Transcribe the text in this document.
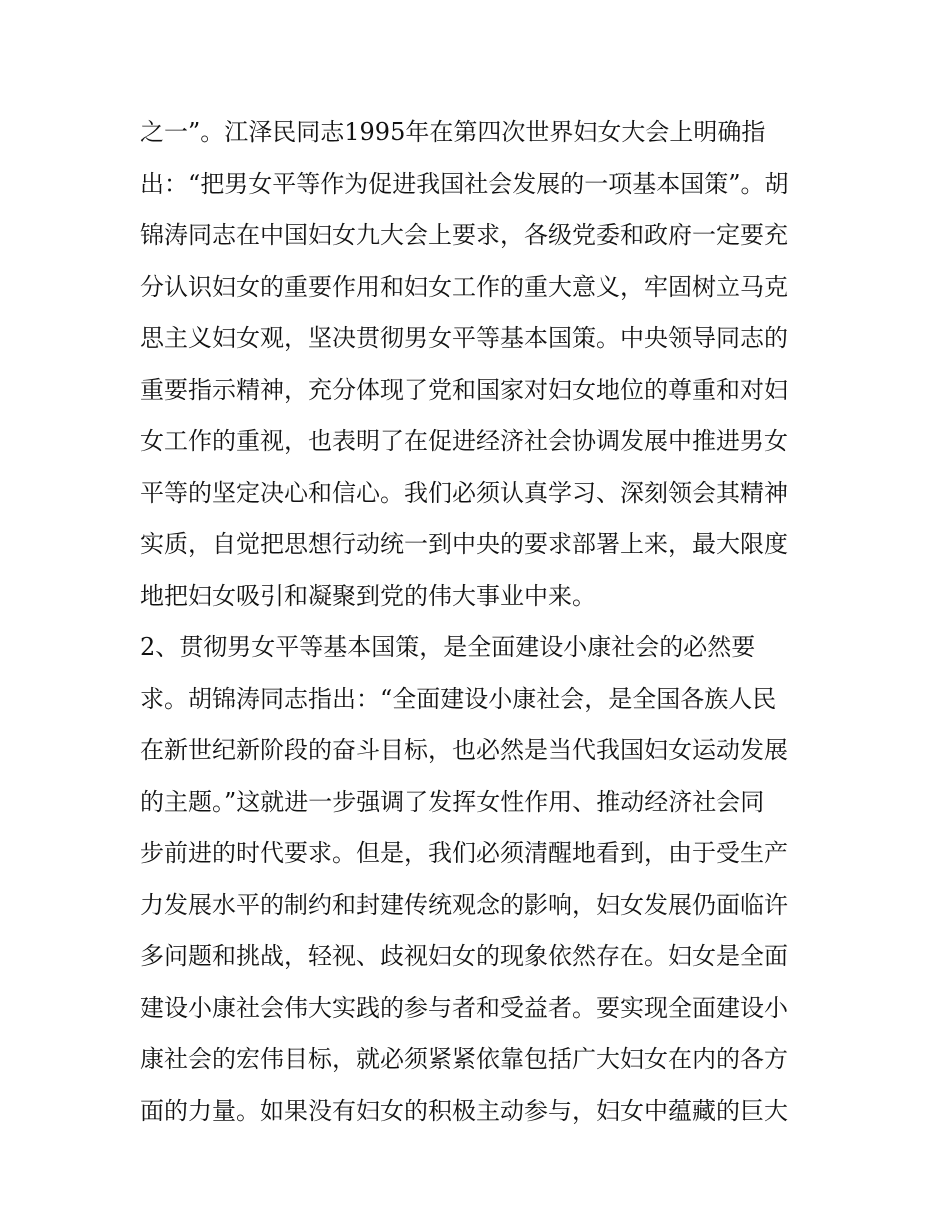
之一”。江泽民同志1995年在第四次世界妇女大会上明确指
出：“把男女平等作为促进我国社会发展的一项基本国策”。胡
锦涛同志在中国妇女九大会上要求，各级党委和政府一定要充
分认识妇女的重要作用和妇女工作的重大意义，牢固树立马克
思主义妇女观，坚决贯彻男女平等基本国策。中央领导同志的
重要指示精神，充分体现了党和国家对妇女地位的尊重和对妇
女工作的重视，也表明了在促进经济社会协调发展中推进男女
平等的坚定决心和信心。我们必须认真学习、深刻领会其精神
实质，自觉把思想行动统一到中央的要求部署上来，最大限度
地把妇女吸引和凝聚到党的伟大事业中来。
2、贯彻男女平等基本国策，是全面建设小康社会的必然要
求。胡锦涛同志指出：“全面建设小康社会，是全国各族人民
在新世纪新阶段的奋斗目标，也必然是当代我国妇女运动发展
的主题。”这就进一步强调了发挥女性作用、推动经济社会同
步前进的时代要求。但是，我们必须清醒地看到，由于受生产
力发展水平的制约和封建传统观念的影响，妇女发展仍面临许
多问题和挑战，轻视、歧视妇女的现象依然存在。妇女是全面
建设小康社会伟大实践的参与者和受益者。要实现全面建设小
康社会的宏伟目标，就必须紧紧依靠包括广大妇女在内的各方
面的力量。如果没有妇女的积极主动参与，妇女中蕴藏的巨大
